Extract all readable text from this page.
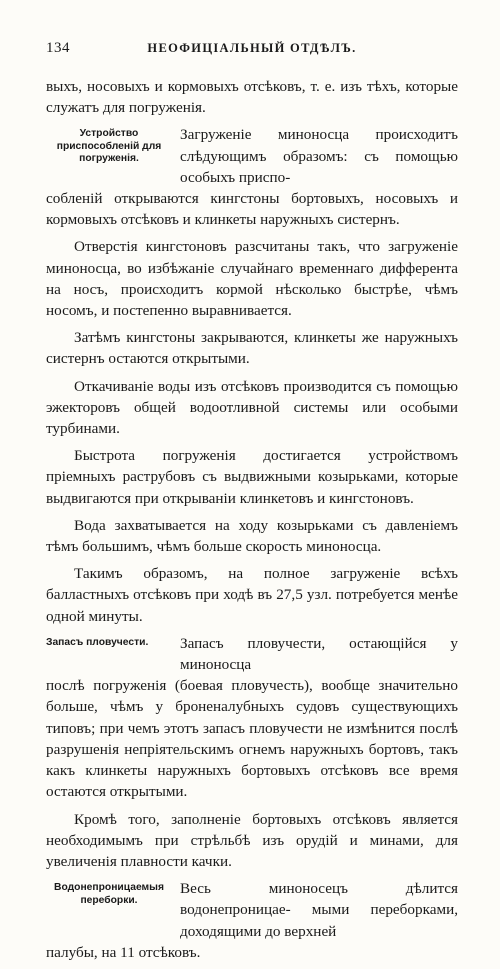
134	НЕОФИЦІАЛЬНЫЙ ОТДѢЛЪ.

выхъ, носовыхъ и кормовыхъ отсѣковъ, т. е. изъ тѣхъ, которые служатъ для погруженія.

Устройство приспособленій для погруженія.
Загруженіе миноносца происходитъ слѣдующимъ образомъ: съ помощью особыхъ приспо-
собленій открываются кингстоны бортовыхъ, носовыхъ и кормовыхъ отсѣковъ и клинкеты наружныхъ систернъ.

Отверстія кингстоновъ разсчитаны такъ, что загруженіе миноносца, во избѣжаніе случайнаго временнаго дифферента на носъ, происходитъ кормой нѣсколько быстрѣе, чѣмъ носомъ, и постепенно выравнивается.

Затѣмъ кингстоны закрываются, клинкеты же наружныхъ систернъ остаются открытыми.

Откачиваніе воды изъ отсѣковъ производится съ помощью эжекторовъ общей водоотливной системы или особыми турбинами.

Быстрота погруженія достигается устройствомъ пріемныхъ раструбовъ съ выдвижными козырьками, которые выдвигаются при открываніи клинкетовъ и кингстоновъ.

Вода захватывается на ходу козырьками съ давленіемъ тѣмъ большимъ, чѣмъ больше скорость миноносца.

Такимъ образомъ, на полное загруженіе всѣхъ балластныхъ отсѣковъ при ходѣ въ 27,5 узл. потребуется менѣе одной минуты.

Запасъ пловучести.	Запасъ пловучести, остающійся у миноносца
послѣ погруженія (боевая пловучесть), вообще значительно больше, чѣмъ у броненалубныхъ судовъ существующихъ типовъ; при чемъ этотъ запасъ пловучести не измѣнится послѣ разрушенія непріятельскимъ огнемъ наружныхъ бортовъ, такъ какъ клинкеты наружныхъ бортовыхъ отсѣковъ все время остаются открытыми.

Кромѣ того, заполненіе бортовыхъ отсѣковъ является необходимымъ при стрѣльбѣ изъ орудій и минами, для увеличенія плавности качки.

Водонепроницаемыя переборки.
Весь миноносецъ дѣлится водонепроницае- мыми переборками, доходящими до верхней
палубы, на 11 отсѣковъ.
